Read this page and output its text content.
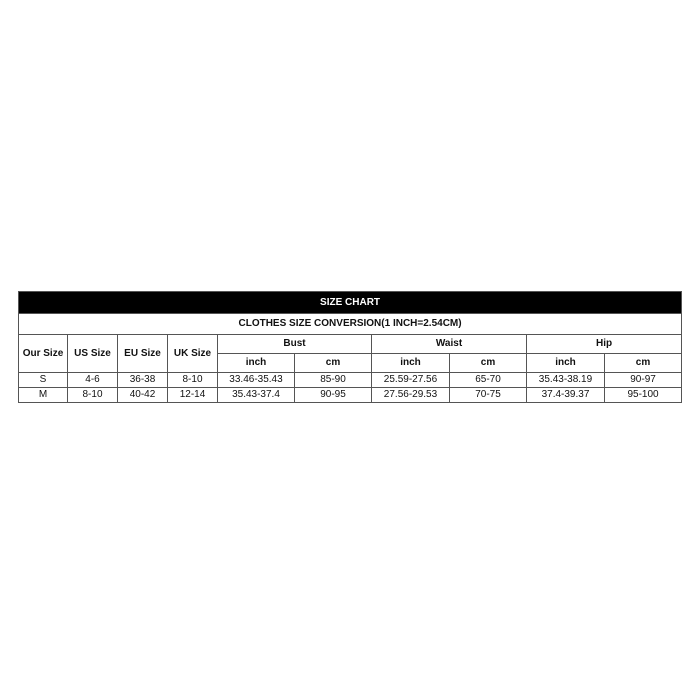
SIZE CHART									
CLOTHES SIZE CONVERSION(1 INCH=2.54CM)									
Our Size	US Size	EU Size	UK Size	Bust		Waist		Hip	
				inch	cm	inch	cm	inch	cm
S	4-6	36-38	8-10	33.46-35.43	85-90	25.59-27.56	65-70	35.43-38.19	90-97
M	8-10	40-42	12-14	35.43-37.4	90-95	27.56-29.53	70-75	37.4-39.37	95-100
